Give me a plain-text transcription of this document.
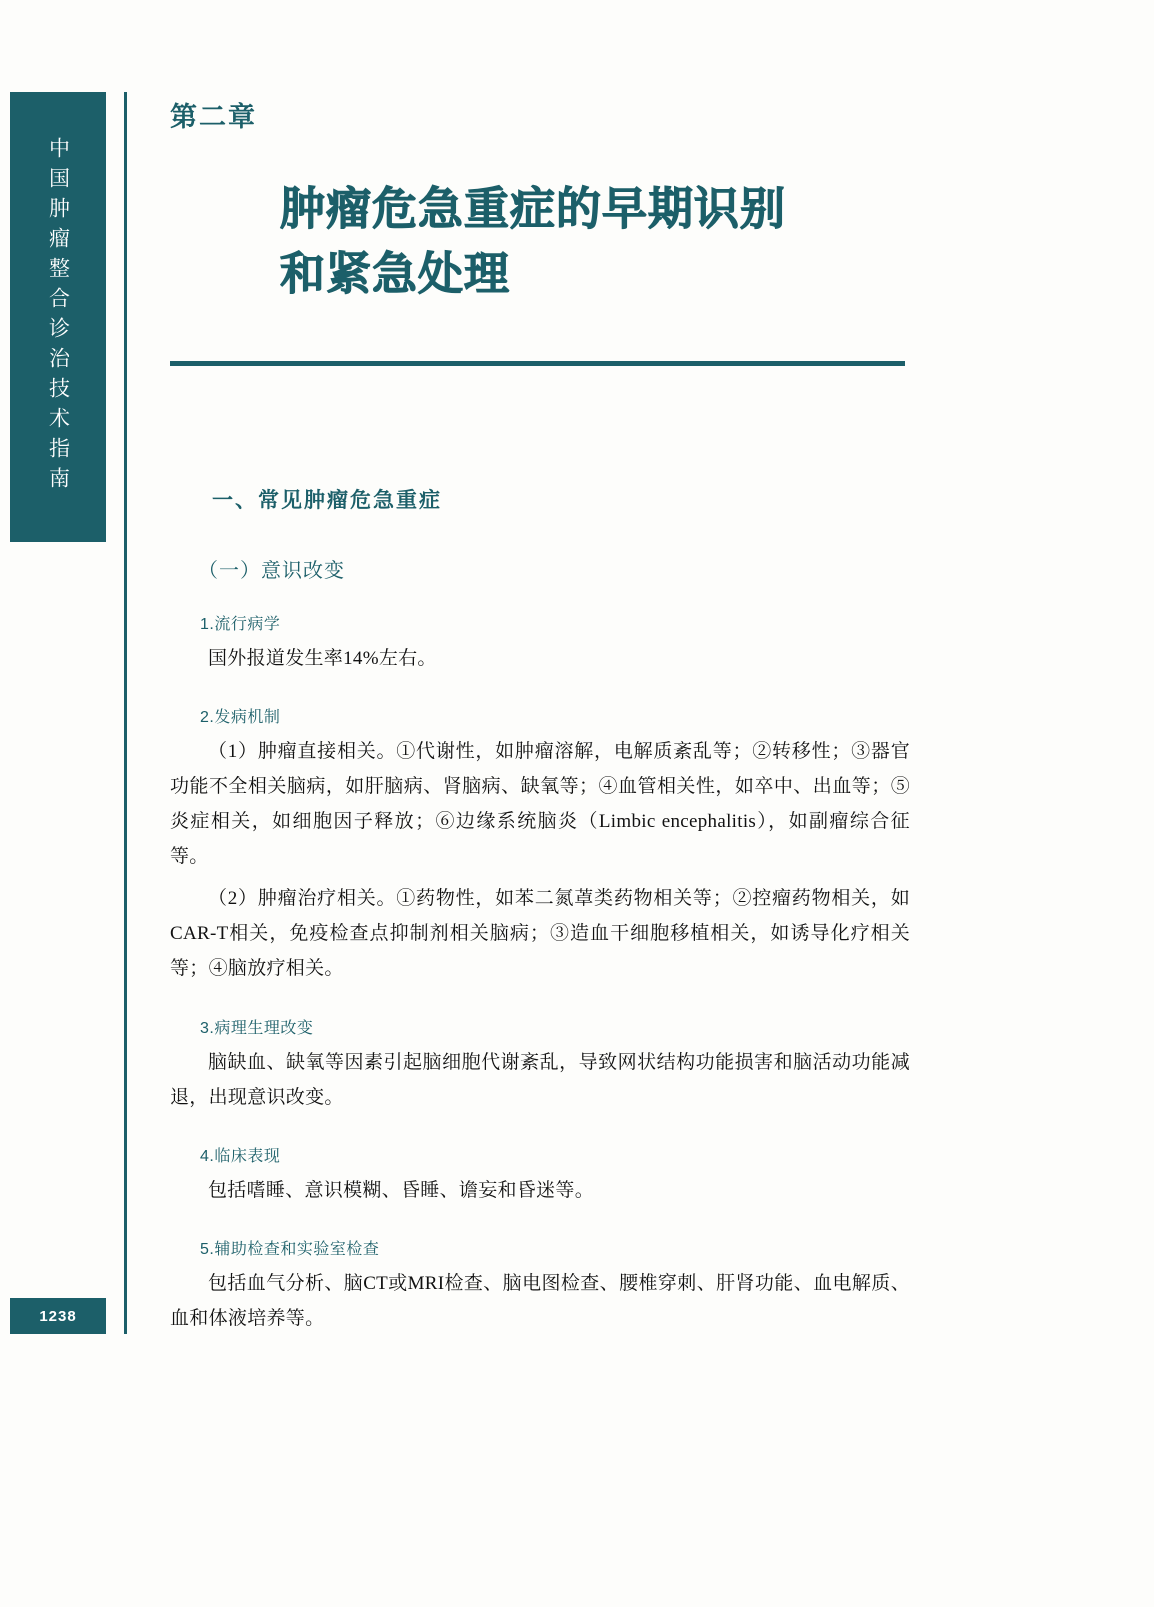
中国肿瘤整合诊治技术指南
1238
第二章
肿瘤危急重症的早期识别
和紧急处理
一、常见肿瘤危急重症
（一）意识改变
1.流行病学

国外报道发生率14%左右。

2.发病机制

（1）肿瘤直接相关。①代谢性，如肿瘤溶解，电解质紊乱等；②转移性；③器官功能不全相关脑病，如肝脑病、肾脑病、缺氧等；④血管相关性，如卒中、出血等；⑤炎症相关，如细胞因子释放；⑥边缘系统脑炎（Limbic encephalitis），如副瘤综合征等。

（2）肿瘤治疗相关。①药物性，如苯二氮䓬类药物相关等；②控瘤药物相关，如CAR-T相关，免疫检查点抑制剂相关脑病；③造血干细胞移植相关，如诱导化疗相关等；④脑放疗相关。

3.病理生理改变

脑缺血、缺氧等因素引起脑细胞代谢紊乱，导致网状结构功能损害和脑活动功能减退，出现意识改变。

4.临床表现

包括嗜睡、意识模糊、昏睡、谵妄和昏迷等。

5.辅助检查和实验室检查

包括血气分析、脑CT或MRI检查、脑电图检查、腰椎穿刺、肝肾功能、血电解质、血和体液培养等。
